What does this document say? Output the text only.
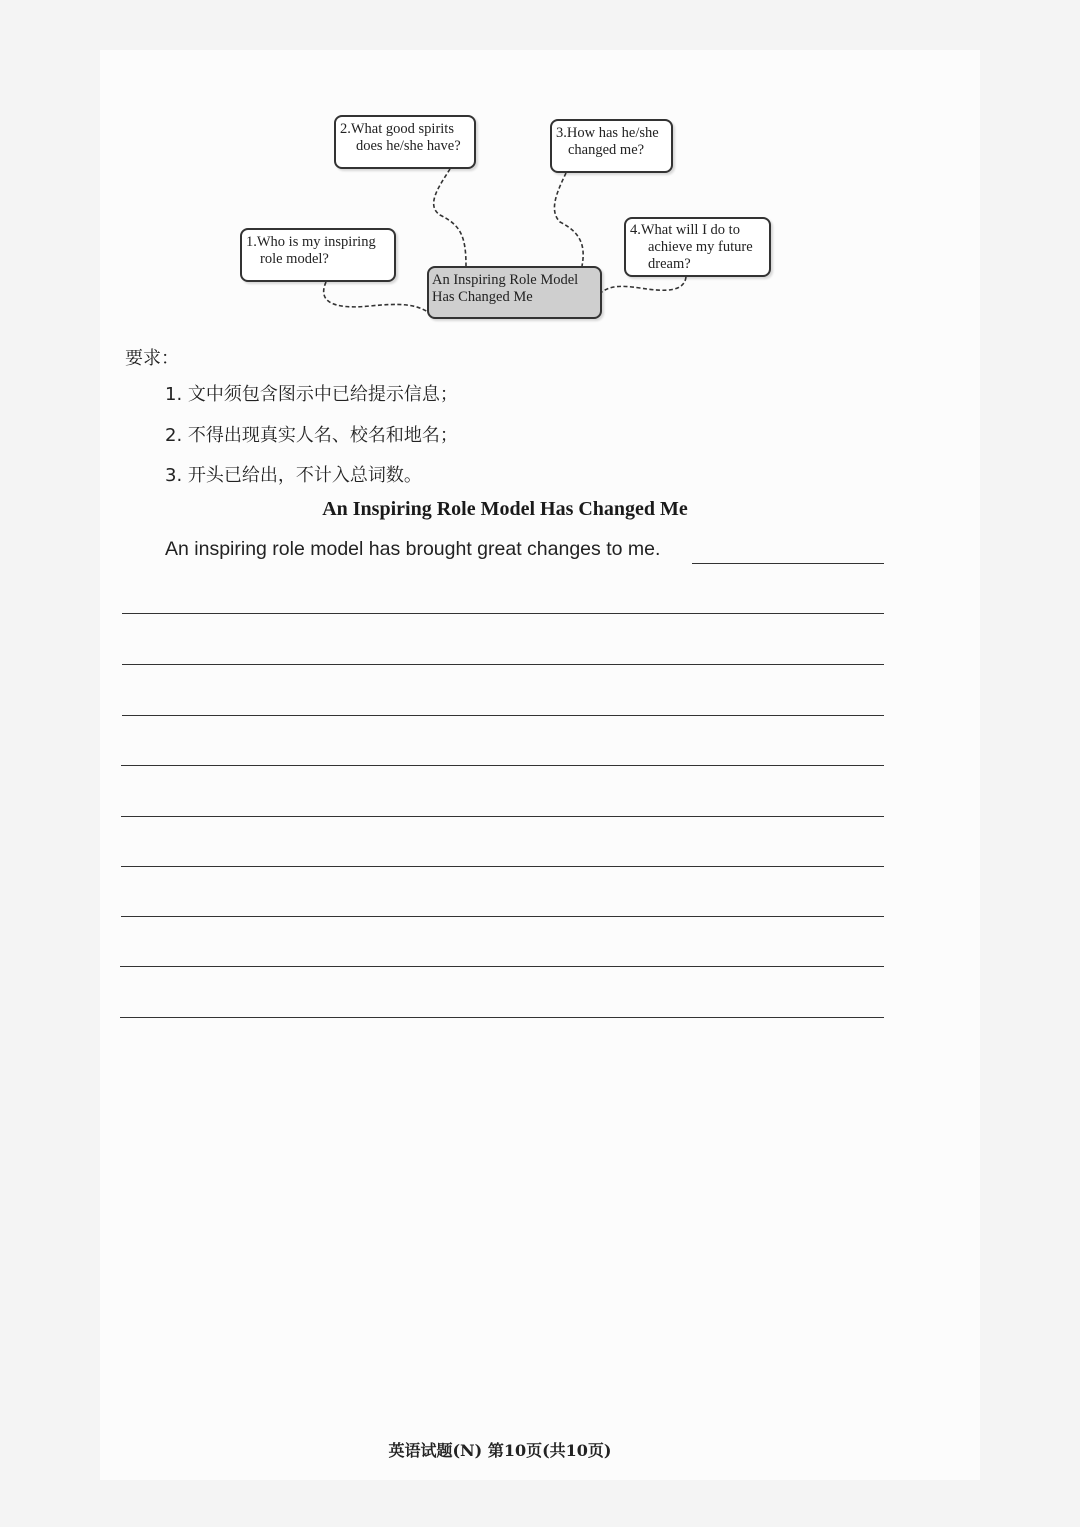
1.Who is my inspiring
role model?
2.What good spirits
does he/she have?
3.How has he/she
changed me?
4.What will I do to
achieve my future
dream?
An Inspiring Role Model
Has Changed Me
要求：
1. 文中须包含图示中已给提示信息；
2. 不得出现真实人名、校名和地名；
3. 开头已给出，不计入总词数。
An Inspiring Role Model Has Changed Me
An inspiring role model has brought great changes to me.
英语试题(N) 第10页(共10页)
